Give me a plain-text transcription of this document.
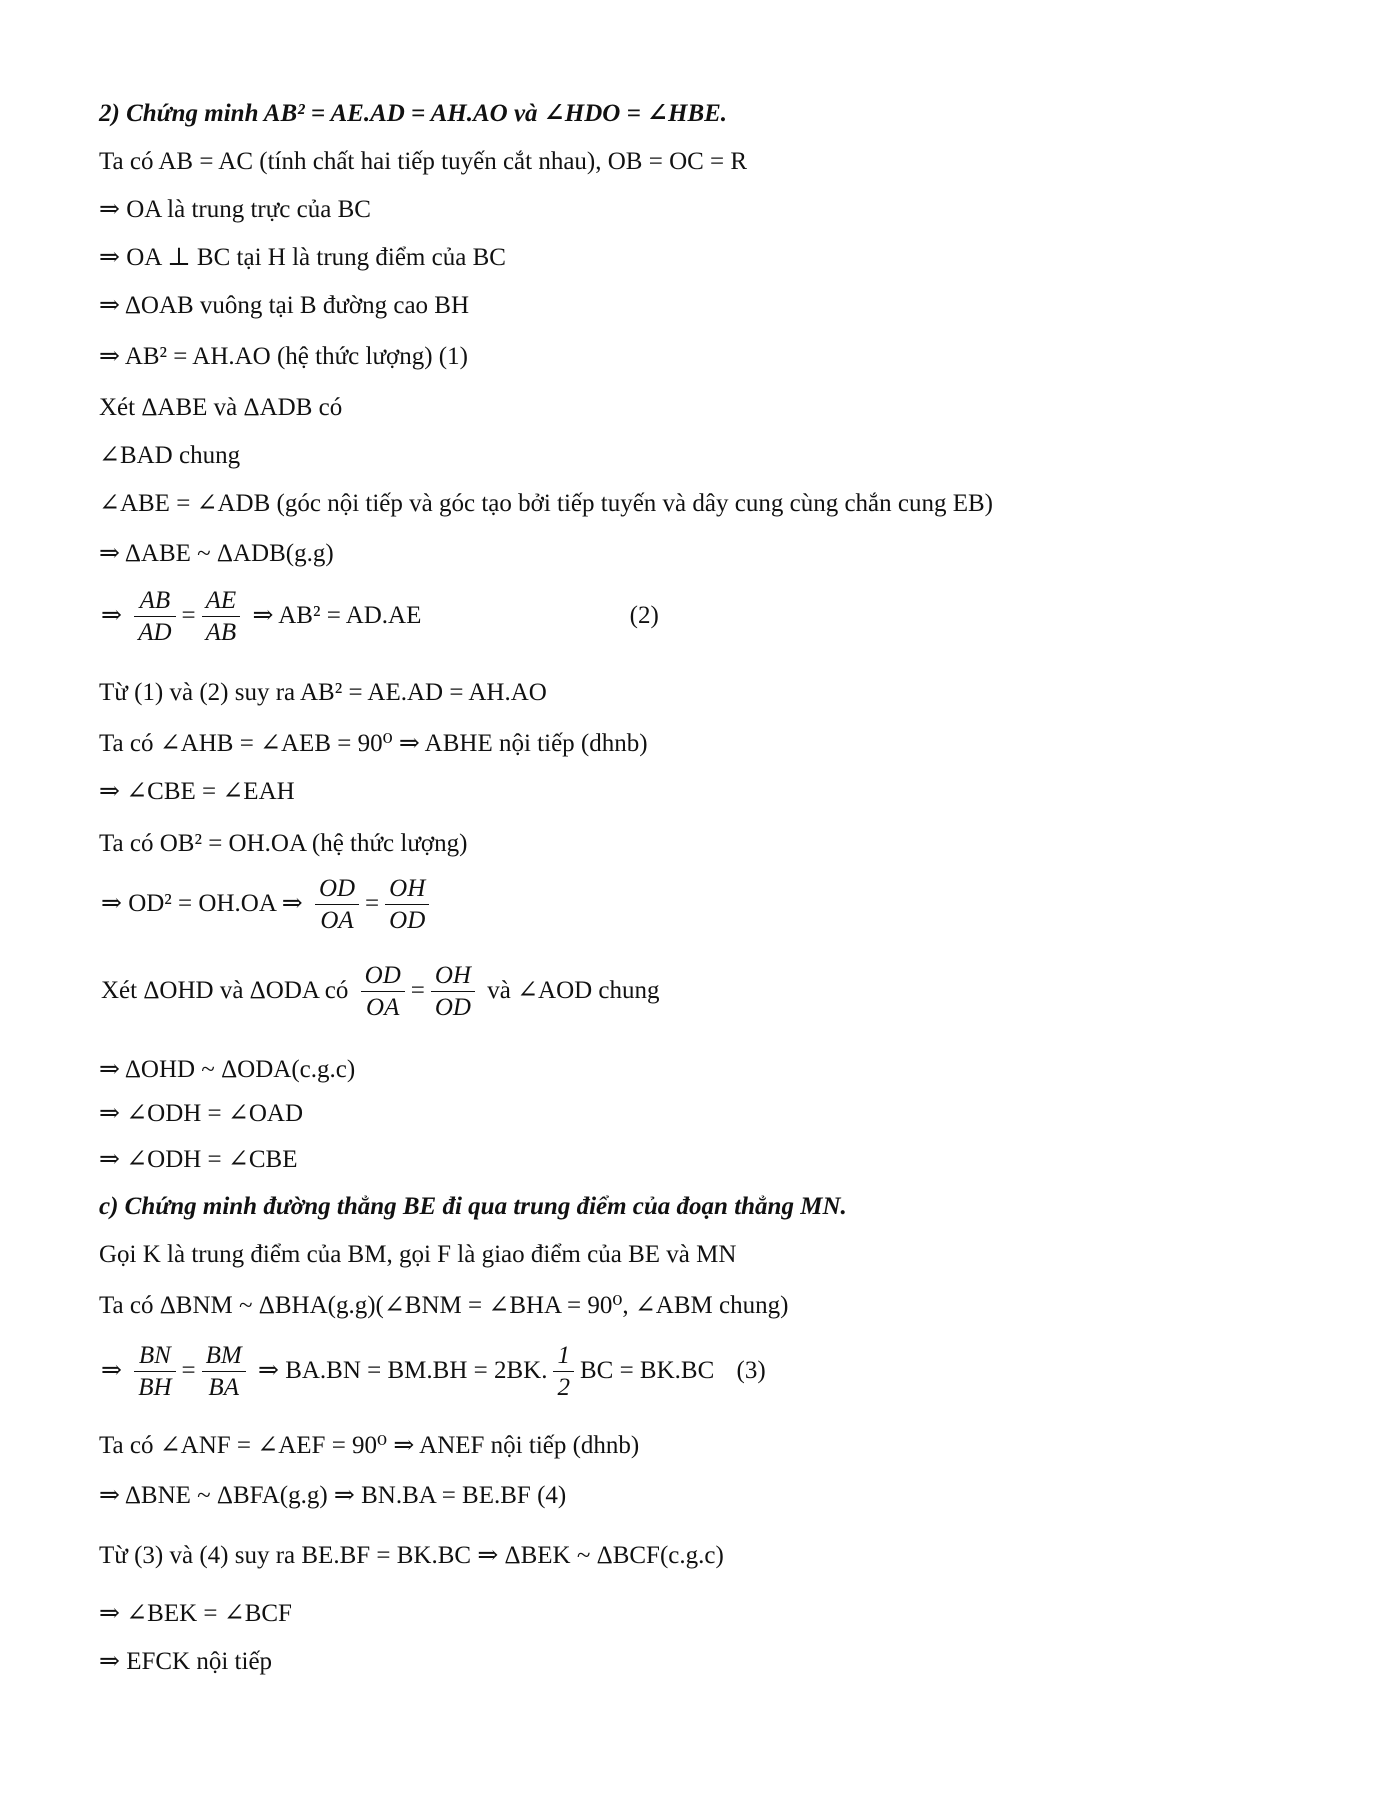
2) Chứng minh AB² = AE.AD = AH.AO và ∠HDO = ∠HBE.
Ta có AB = AC (tính chất hai tiếp tuyến cắt nhau), OB = OC = R
⇒ OA là trung trực của BC
⇒ OA ⊥ BC tại H là trung điểm của BC
⇒ ΔOAB vuông tại B đường cao BH
⇒ AB² = AH.AO (hệ thức lượng) (1)
Xét ΔABE và ΔADB có
∠BAD chung
∠ABE = ∠ADB (góc nội tiếp và góc tạo bởi tiếp tuyến và dây cung cùng chắn cung EB)
⇒ ΔABE ~ ΔADB(g.g)
⇒ $\frac{AB}{AD} = \frac{AE}{AB}$ ⇒ AB² = AD.AE	(2)
Từ (1) và (2) suy ra AB² = AE.AD = AH.AO
Ta có ∠AHB = ∠AEB = 90⁰ ⇒ ABHE nội tiếp (dhnb)
⇒ ∠CBE = ∠EAH
Ta có OB² = OH.OA (hệ thức lượng)
⇒ OD² = OH.OA ⇒ $\frac{OD}{OA} = \frac{OH}{OD}$
Xét ΔOHD và ΔODA có $\frac{OD}{OA} = \frac{OH}{OD}$ và ∠AOD chung
⇒ ΔOHD ~ ΔODA(c.g.c)
⇒ ∠ODH = ∠OAD
⇒ ∠ODH = ∠CBE
c) Chứng minh đường thẳng BE đi qua trung điểm của đoạn thẳng MN.
Gọi K là trung điểm của BM, gọi F là giao điểm của BE và MN
Ta có ΔBNM ~ ΔBHA(g.g)(∠BNM = ∠BHA = 90⁰, ∠ABM chung)
⇒ $\frac{BN}{BH} = \frac{BM}{BA}$ ⇒ BA.BN = BM.BH = 2BK. $\frac{1}{2}$ BC = BK.BC (3)
Ta có ∠ANF = ∠AEF = 90⁰ ⇒ ANEF nội tiếp (dhnb)
⇒ ΔBNE ~ ΔBFA(g.g) ⇒ BN.BA = BE.BF (4)
Từ (3) và (4) suy ra BE.BF = BK.BC ⇒ ΔBEK ~ ΔBCF(c.g.c)
⇒ ∠BEK = ∠BCF
⇒ EFCK nội tiếp
